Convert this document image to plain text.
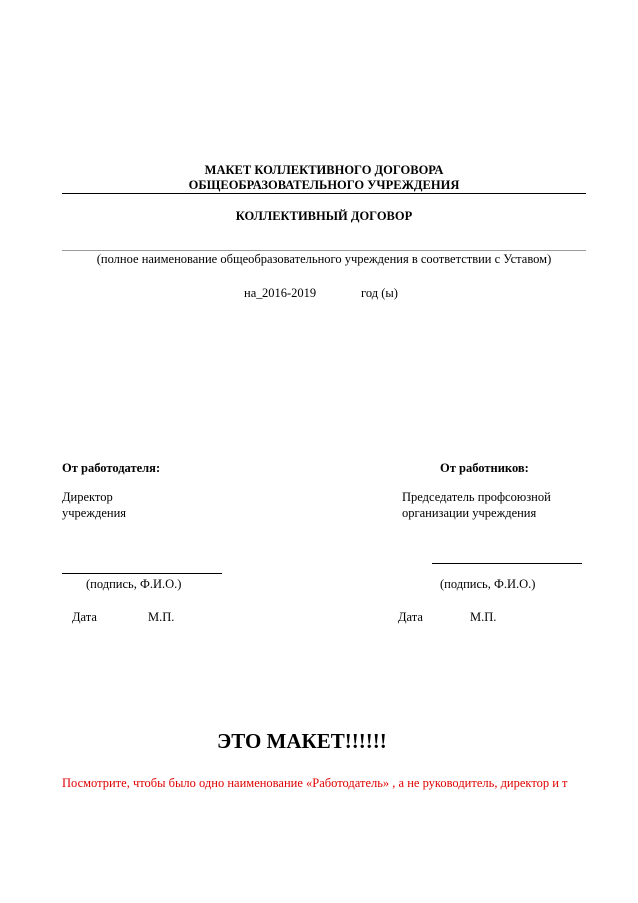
МАКЕТ КОЛЛЕКТИВНОГО ДОГОВОРА
ОБЩЕОБРАЗОВАТЕЛЬНОГО УЧРЕЖДЕНИЯ
КОЛЛЕКТИВНЫЙ ДОГОВОР
(полное наименование общеобразовательного учреждения в соответствии с Уставом)
на_ 2016-2019	год (ы)
От работодателя:
Директор
учреждения
(подпись, Ф.И.О.)
Дата	М.П.
От работников:
Председатель профсоюзной
организации учреждения
(подпись, Ф.И.О.)
Дата	М.П.
ЭТО МАКЕТ!!!!!!
Посмотрите, чтобы было одно наименование «Работодатель» , а не руководитель, директор и т
